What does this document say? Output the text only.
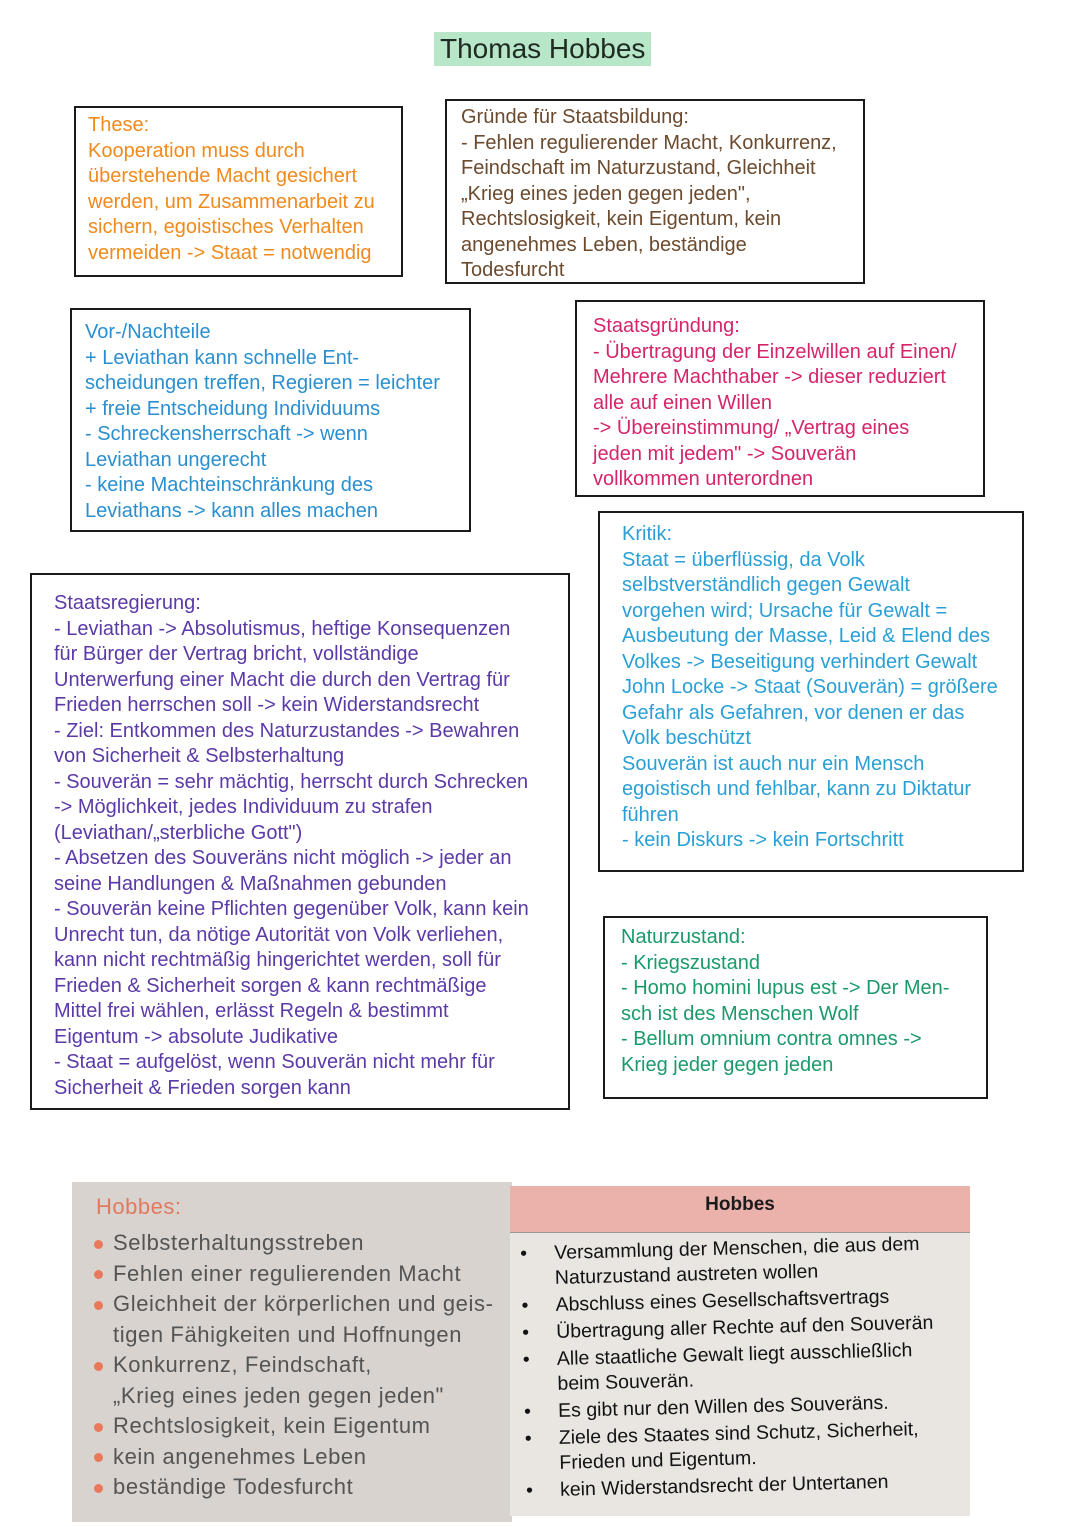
Thomas Hobbes
These:
Kooperation muss durch
überstehende Macht gesichert
werden, um Zusammenarbeit zu
sichern, egoistisches Verhalten
vermeiden -> Staat = notwendig
Gründe für Staatsbildung:
- Fehlen regulierender Macht, Konkurrenz,
Feindschaft im Naturzustand, Gleichheit
„Krieg eines jeden gegen jeden",
Rechtslosigkeit, kein Eigentum, kein
angenehmes Leben, beständige
Todesfurcht
Vor-/Nachteile
+ Leviathan kann schnelle Ent-
scheidungen treffen, Regieren = leichter
+ freie Entscheidung Individuums
- Schreckensherrschaft -> wenn
Leviathan ungerecht
- keine Machteinschränkung des
Leviathans -> kann alles machen
Staatsgründung:
- Übertragung der Einzelwillen auf Einen/
Mehrere Machthaber -> dieser reduziert
alle auf einen Willen
-> Übereinstimmung/ „Vertrag eines
jeden mit jedem" -> Souverän
vollkommen unterordnen
Kritik:
Staat = überflüssig, da Volk
selbstverständlich gegen Gewalt
vorgehen wird; Ursache für Gewalt =
Ausbeutung der Masse, Leid & Elend des
Volkes -> Beseitigung verhindert Gewalt
John Locke -> Staat (Souverän) = größere
Gefahr als Gefahren, vor denen er das
Volk beschützt
Souverän ist auch nur ein Mensch
egoistisch und fehlbar, kann zu Diktatur
führen
- kein Diskurs -> kein Fortschritt
Staatsregierung:
- Leviathan -> Absolutismus, heftige Konsequenzen
für Bürger der Vertrag bricht, vollständige
Unterwerfung einer Macht die durch den Vertrag für
Frieden herrschen soll -> kein Widerstandsrecht
- Ziel: Entkommen des Naturzustandes -> Bewahren
von Sicherheit & Selbsterhaltung
- Souverän = sehr mächtig, herrscht durch Schrecken
-> Möglichkeit, jedes Individuum zu strafen
(Leviathan/„sterbliche Gott")
- Absetzen des Souveräns nicht möglich -> jeder an
seine Handlungen & Maßnahmen gebunden
- Souverän keine Pflichten gegenüber Volk, kann kein
Unrecht tun, da nötige Autorität von Volk verliehen,
kann nicht rechtmäßig hingerichtet werden, soll für
Frieden & Sicherheit sorgen & kann rechtmäßige
Mittel frei wählen, erlässt Regeln & bestimmt
Eigentum -> absolute Judikative
- Staat = aufgelöst, wenn Souverän nicht mehr für
Sicherheit & Frieden sorgen kann
Naturzustand:
- Kriegszustand
- Homo homini lupus est -> Der Men-
sch ist des Menschen Wolf
- Bellum omnium contra omnes ->
Krieg jeder gegen jeden
Hobbes:
Selbsterhaltungsstreben
Fehlen einer regulierenden Macht
Gleichheit der körperlichen und geis-
tigen Fähigkeiten und Hoffnungen
Konkurrenz, Feindschaft,
„Krieg eines jeden gegen jeden"
Rechtslosigkeit, kein Eigentum
kein angenehmes Leben
beständige Todesfurcht
Hobbes
• Versammlung der Menschen, die aus dem
Naturzustand austreten wollen
• Abschluss eines Gesellschaftsvertrags
• Übertragung aller Rechte auf den Souverän
• Alle staatliche Gewalt liegt ausschließlich
beim Souverän.
• Es gibt nur den Willen des Souveräns.
• Ziele des Staates sind Schutz, Sicherheit,
Frieden und Eigentum.
• kein Widerstandsrecht der Untertanen
